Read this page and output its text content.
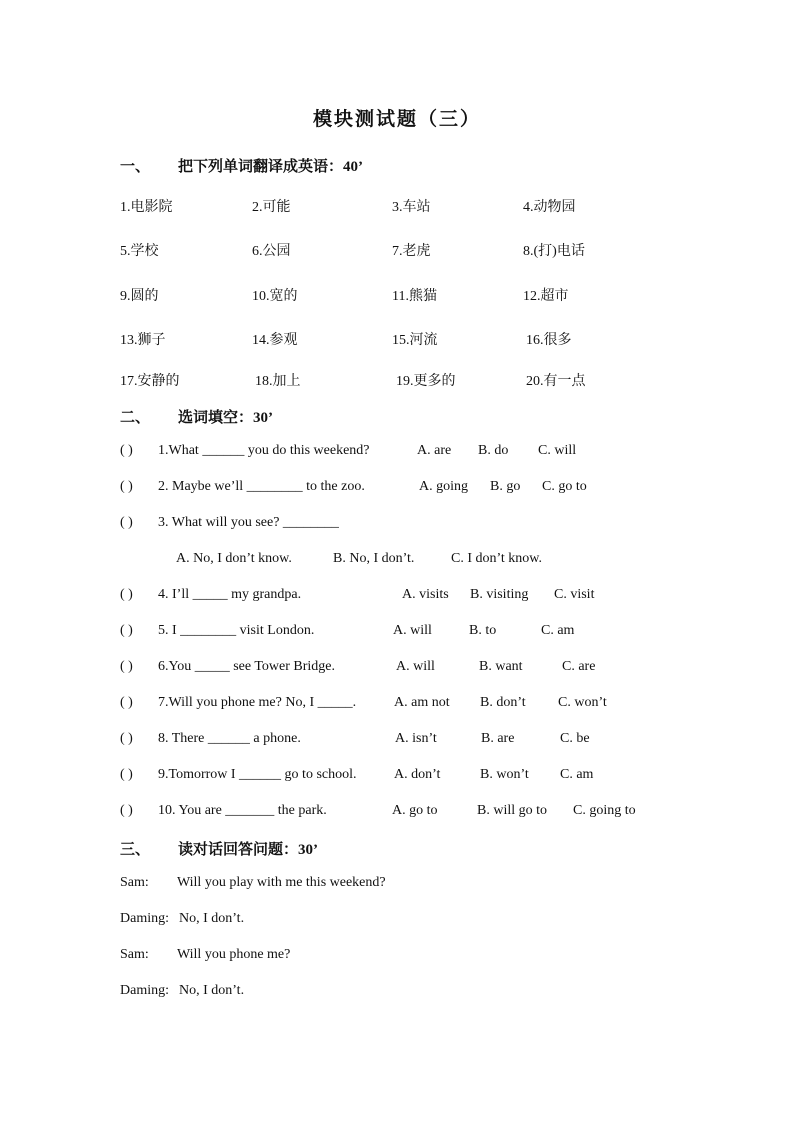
模块测试题（三）
一、	把下列单词翻译成英语：40’
1.电影院	2.可能	3.车站	4.动物园
5.学校	6.公园	7.老虎	8.(打)电话
9.圆的	10.宽的	11.熊猫	12.超市
13.狮子	14.参观	15.河流	16.很多
17.安静的	18.加上	19.更多的	20.有一点
二、	选词填空：30’
( ) 1.What ______ you do this weekend?	A. are B. do C. will
( ) 2. Maybe we’ll ________ to the zoo.	A. going B. go C. go to
( ) 3. What will you see? ________
A. No, I don’t know.	B. No, I don’t.	C. I don’t know.
( ) 4. I’ll _____ my grandpa.	A. visits B. visiting C. visit
( ) 5. I ________ visit London.	A. will	B. to	C. am
( ) 6.You _____ see Tower Bridge.	A. will	B. want	C. are
( ) 7.Will you phone me? No, I _____.	A. am not B. don’t C. won’t
( ) 8. There ______ a phone.	A. isn’t	B. are	C. be
( ) 9.Tomorrow I ______ go to school.	A. don’t	B. won’t C. am
( ) 10. You are _______ the park.	A. go to	B. will go to C. going to
三、	读对话回答问题：30’
Sam: Will you play with me this weekend?
Daming: No, I don’t.
Sam: Will you phone me?
Daming: No, I don’t.
